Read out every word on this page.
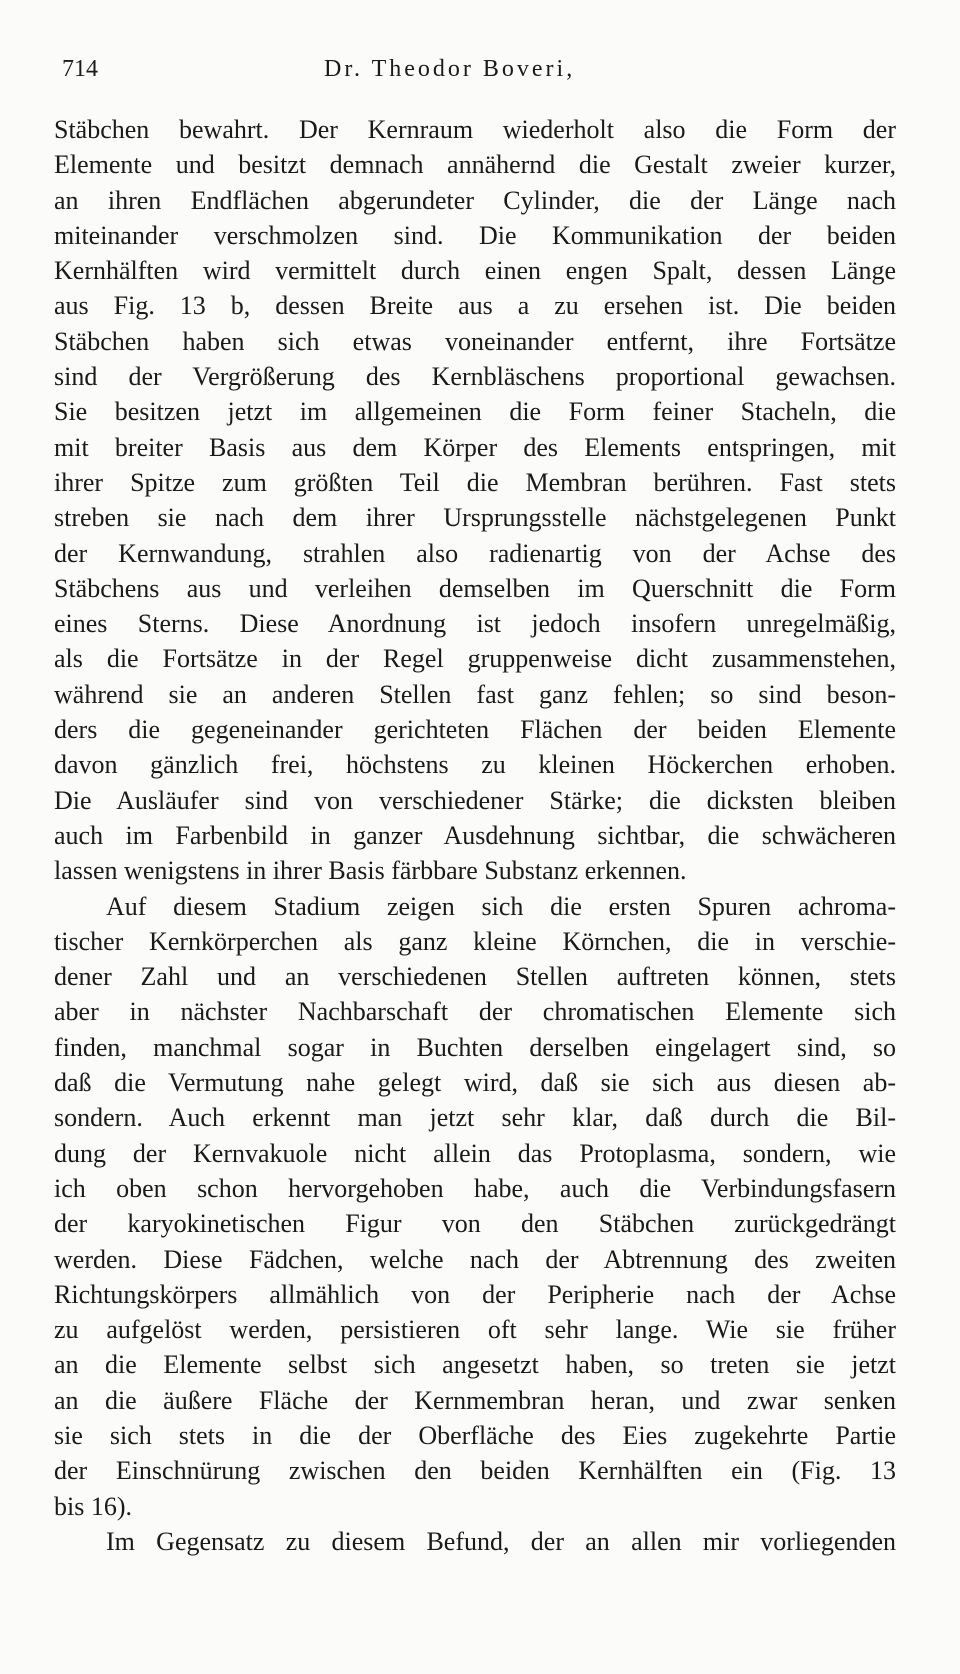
714	Dr. Theodor Boveri,
Stäbchen bewahrt. Der Kernraum wiederholt also die Form der
Elemente und besitzt demnach annähernd die Gestalt zweier kurzer,
an ihren Endflächen abgerundeter Cylinder, die der Länge nach
miteinander verschmolzen sind. Die Kommunikation der beiden
Kernhälften wird vermittelt durch einen engen Spalt, dessen Länge
aus Fig. 13 b, dessen Breite aus a zu ersehen ist. Die beiden
Stäbchen haben sich etwas voneinander entfernt, ihre Fortsätze
sind der Vergrößerung des Kernbläschens proportional gewachsen.
Sie besitzen jetzt im allgemeinen die Form feiner Stacheln, die
mit breiter Basis aus dem Körper des Elements entspringen, mit
ihrer Spitze zum größten Teil die Membran berühren. Fast stets
streben sie nach dem ihrer Ursprungsstelle nächstgelegenen Punkt
der Kernwandung, strahlen also radienartig von der Achse des
Stäbchens aus und verleihen demselben im Querschnitt die Form
eines Sterns. Diese Anordnung ist jedoch insofern unregelmäßig,
als die Fortsätze in der Regel gruppenweise dicht zusammenstehen,
während sie an anderen Stellen fast ganz fehlen; so sind beson-
ders die gegeneinander gerichteten Flächen der beiden Elemente
davon gänzlich frei, höchstens zu kleinen Höckerchen erhoben.
Die Ausläufer sind von verschiedener Stärke; die dicksten bleiben
auch im Farbenbild in ganzer Ausdehnung sichtbar, die schwächeren
lassen wenigstens in ihrer Basis färbbare Substanz erkennen.
Auf diesem Stadium zeigen sich die ersten Spuren achroma-
tischer Kernkörperchen als ganz kleine Körnchen, die in verschie-
dener Zahl und an verschiedenen Stellen auftreten können, stets
aber in nächster Nachbarschaft der chromatischen Elemente sich
finden, manchmal sogar in Buchten derselben eingelagert sind, so
daß die Vermutung nahe gelegt wird, daß sie sich aus diesen ab-
sondern. Auch erkennt man jetzt sehr klar, daß durch die Bil-
dung der Kernvakuole nicht allein das Protoplasma, sondern, wie
ich oben schon hervorgehoben habe, auch die Verbindungsfasern
der karyokinetischen Figur von den Stäbchen zurückgedrängt
werden. Diese Fädchen, welche nach der Abtrennung des zweiten
Richtungskörpers allmählich von der Peripherie nach der Achse
zu aufgelöst werden, persistieren oft sehr lange. Wie sie früher
an die Elemente selbst sich angesetzt haben, so treten sie jetzt
an die äußere Fläche der Kernmembran heran, und zwar senken
sie sich stets in die der Oberfläche des Eies zugekehrte Partie
der Einschnürung zwischen den beiden Kernhälften ein (Fig. 13
bis 16).
Im Gegensatz zu diesem Befund, der an allen mir vorliegenden
